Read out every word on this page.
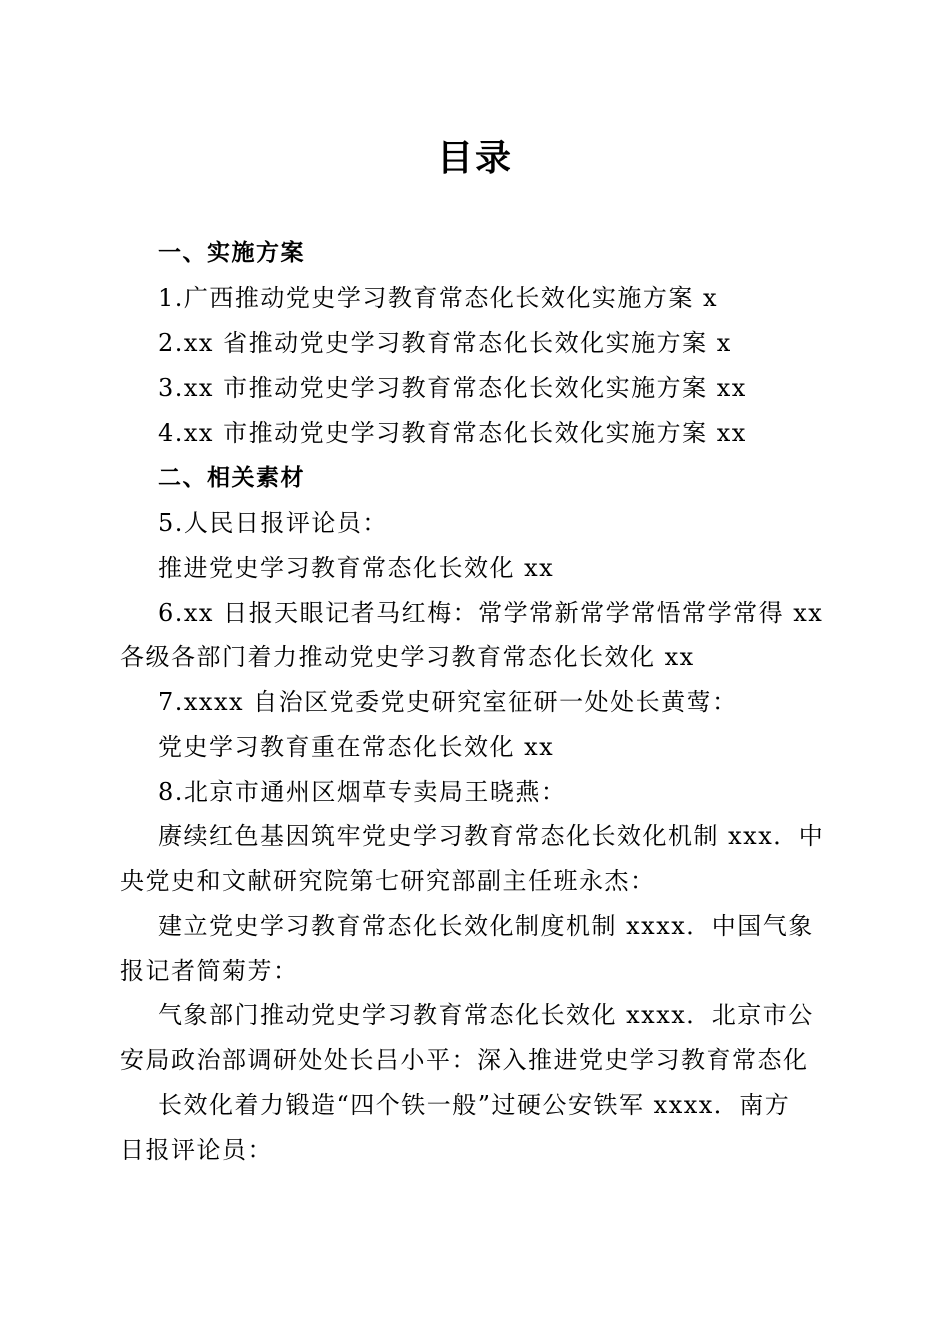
目录
一、实施方案
1.广西推动党史学习教育常态化长效化实施方案 x
2.xx 省推动党史学习教育常态化长效化实施方案 x
3.xx 市推动党史学习教育常态化长效化实施方案 xx
4.xx 市推动党史学习教育常态化长效化实施方案 xx
二、相关素材
5.人民日报评论员：
推进党史学习教育常态化长效化 xx
6.xx 日报天眼记者马红梅：常学常新常学常悟常学常得 xx
各级各部门着力推动党史学习教育常态化长效化 xx
7.xxxx 自治区党委党史研究室征研一处处长黄莺：
党史学习教育重在常态化长效化 xx
8.北京市通州区烟草专卖局王晓燕：
赓续红色基因筑牢党史学习教育常态化长效化机制 xxx．中
央党史和文献研究院第七研究部副主任班永杰：
建立党史学习教育常态化长效化制度机制 xxxx．中国气象
报记者简菊芳：
气象部门推动党史学习教育常态化长效化 xxxx．北京市公
安局政治部调研处处长吕小平：深入推进党史学习教育常态化
长效化着力锻造“四个铁一般”过硬公安铁军 xxxx．南方
日报评论员：
